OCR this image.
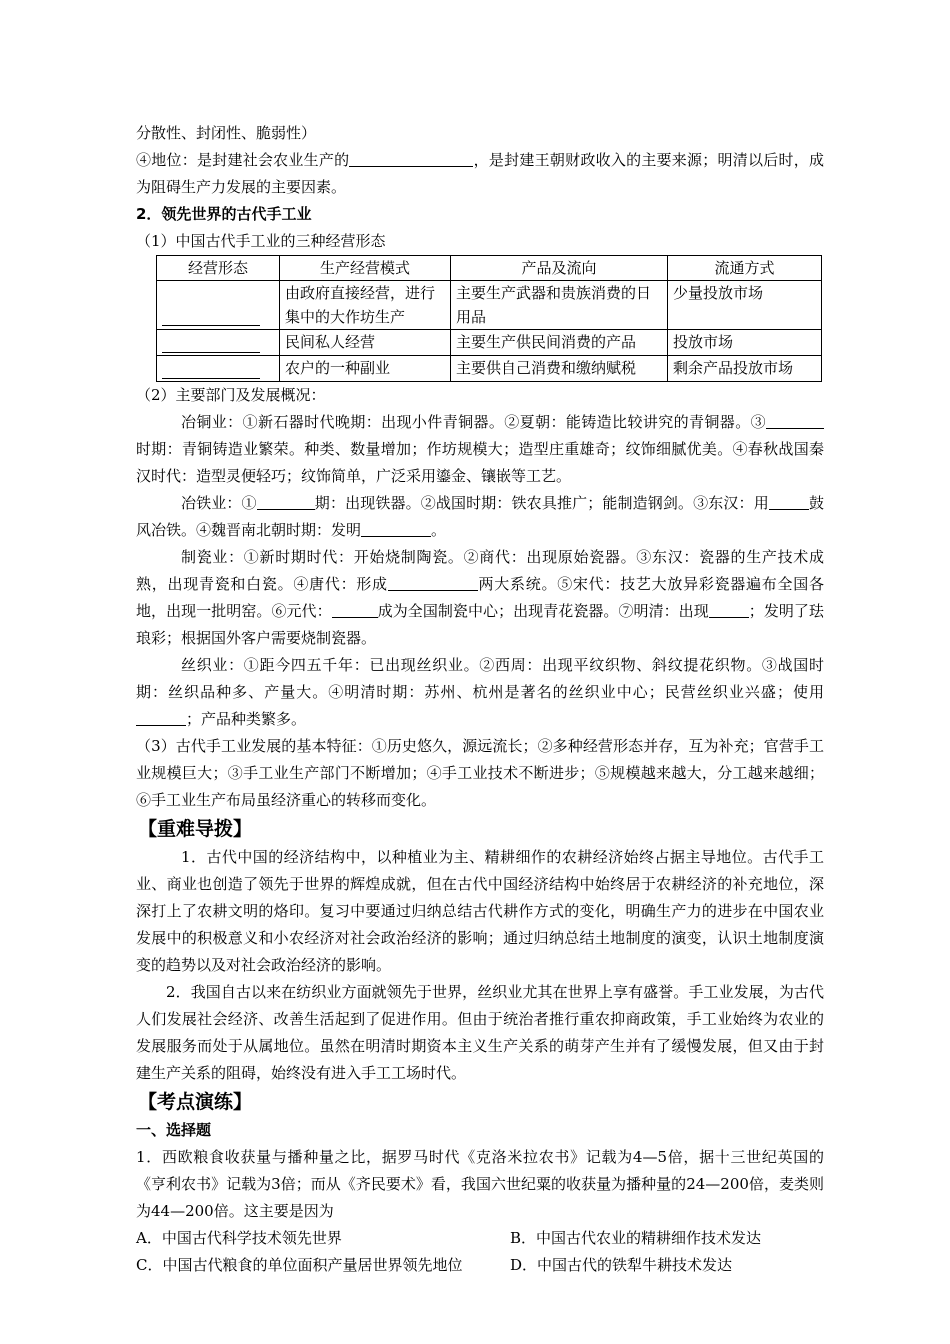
分散性、封闭性、脆弱性）

④地位：是封建社会农业生产的	，是封建王朝财政收入的主要来源；明清以后时，成为阻碍生产力发展的主要因素。

2．领先世界的古代手工业

（1）中国古代手工业的三种经营形态

经营形态	生产经营模式	产品及流向	流通方式

	由政府直接经营，进行集中的大作坊生产	主要生产武器和贵族消费的日用品	少量投放市场

	民间私人经营	主要生产供民间消费的产品	投放市场

	农户的一种副业	主要供自己消费和缴纳赋税	剩余产品投放市场

（2）主要部门及发展概况：

冶铜业：①新石器时代晚期：出现小件青铜器。②夏朝：能铸造比较讲究的青铜器。③时期：青铜铸造业繁荣。种类、数量增加；作坊规模大；造型庄重雄奇；纹饰细腻优美。④春秋战国秦汉时代：造型灵便轻巧；纹饰简单，广泛采用鎏金、镶嵌等工艺。

冶铁业：①	期：出现铁器。②战国时期：铁农具推广；能制造钢剑。③东汉：用	鼓风冶铁。④魏晋南北朝时期：发明	。

制瓷业：①新时期时代：开始烧制陶瓷。②商代：出现原始瓷器。③东汉：瓷器的生产技术成熟，出现青瓷和白瓷。④唐代：形成	两大系统。⑤宋代：技艺大放异彩瓷器遍布全国各地，出现一批明窑。⑥元代：	成为全国制瓷中心；出现青花瓷器。⑦明清：出现	；发明了珐琅彩；根据国外客户需要烧制瓷器。

丝织业：①距今四五千年：已出现丝织业。②西周：出现平纹织物、斜纹提花织物。③战国时期：丝织品种多、产量大。④明清时期：苏州、杭州是著名的丝织业中心；民营丝织业兴盛；使用；产品种类繁多。

（3）古代手工业发展的基本特征：①历史悠久，源远流长；②多种经营形态并存，互为补充；官营手工业规模巨大；③手工业生产部门不断增加；④手工业技术不断进步；⑤规模越来越大，分工越来越细；⑥手工业生产布局虽经济重心的转移而变化。

【重难导拨】

1．古代中国的经济结构中，以种植业为主、精耕细作的农耕经济始终占据主导地位。古代手工业、商业也创造了领先于世界的辉煌成就，但在古代中国经济结构中始终居于农耕经济的补充地位，深深打上了农耕文明的烙印。复习中要通过归纳总结古代耕作方式的变化，明确生产力的进步在中国农业发展中的积极意义和小农经济对社会政治经济的影响；通过归纳总结土地制度的演变，认识土地制度演变的趋势以及对社会政治经济的影响。

2．我国自古以来在纺织业方面就领先于世界，丝织业尤其在世界上享有盛誉。手工业发展，为古代人们发展社会经济、改善生活起到了促进作用。但由于统治者推行重农抑商政策，手工业始终为农业的发展服务而处于从属地位。虽然在明清时期资本主义生产关系的萌芽产生并有了缓慢发展，但又由于封建生产关系的阻碍，始终没有进入手工工场时代。

【考点演练】

一、选择题

1．西欧粮食收获量与播种量之比，据罗马时代《克洛米拉农书》记载为4—5倍，据十三世纪英国的《亨利农书》记载为3倍；而从《齐民要术》看，我国六世纪粟的收获量为播种量的24—200倍，麦类则为44—200倍。这主要是因为

A．中国古代科学技术领先世界	B．中国古代农业的精耕细作技术发达

C．中国古代粮食的单位面积产量居世界领先地位	D．中国古代的铁犁牛耕技术发达
